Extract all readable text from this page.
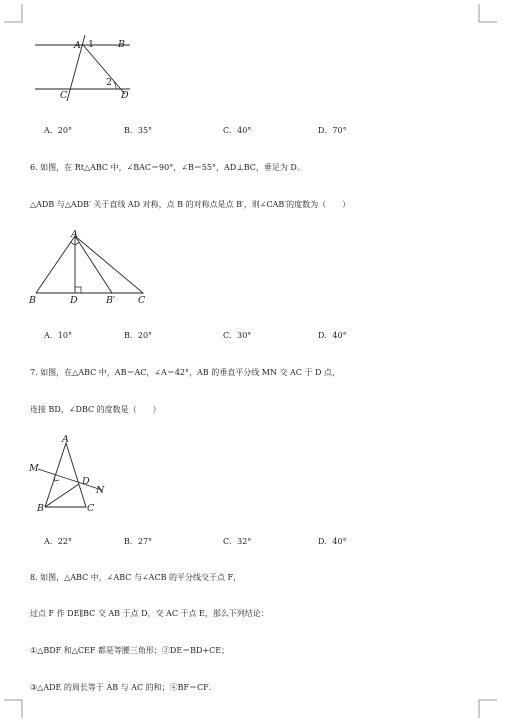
A 1	B
2
C	D
A．20°	B．35°	C．40°	D．70°
6. 如图，在 Rt△ABC 中，∠BAC＝90°，∠B＝55°，AD⊥BC，垂足为 D。
△ADB 与△ADB′ 关于直线 AD 对称，点 B 的对称点是点 B′，则∠CAB′的度数为（　　）
A
B	D	B′ C
A．10°	B．20°	C．30°	D．40°
7. 如图，在△ABC 中，AB＝AC，∠A＝42°，AB 的垂直平分线 MN 交 AC 于 D 点，
连接 BD，∠DBC 的度数是（　　）
A
M
D
N
B	C
A．22°	B．27°	C．32°	D．40°
8. 如图，△ABC 中，∠ABC 与∠ACB 的平分线交于点 F，
过点 F 作 DE∥BC 交 AB 于点 D，交 AC 于点 E，那么下列结论：
①△BDF 和△CEF 都是等腰三角形；②DE＝BD+CE；
③△ADE 的周长等于 AB 与 AC 的和；④BF＝CF．
